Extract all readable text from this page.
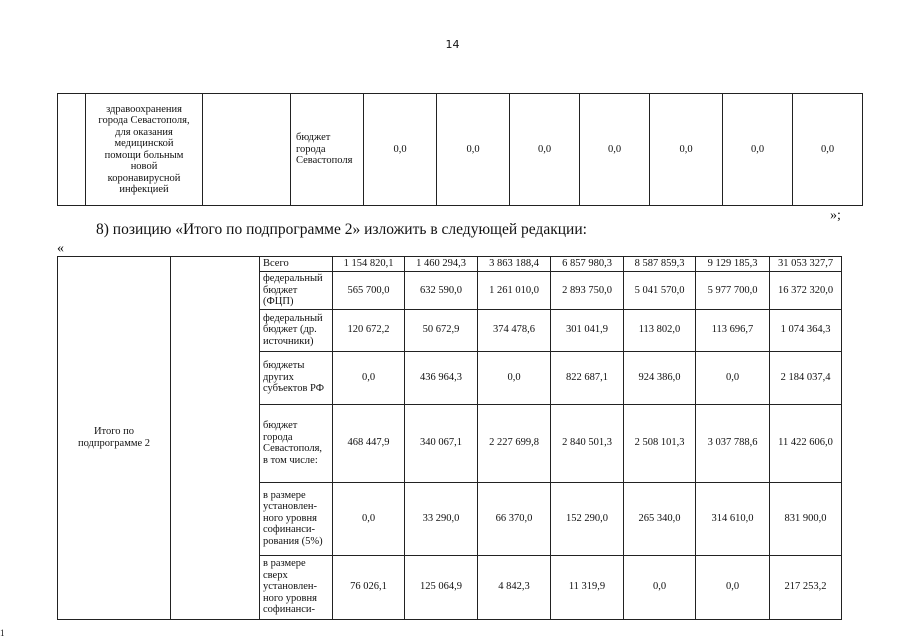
14
	здравоохранения
города Севастополя,
для оказания
медицинской
помощи больным
новой
коронавирусной
инфекцией		бюджет города Севастополя	0,0	0,0	0,0	0,0	0,0	0,0	0,0
»;
8) позицию «Итого по подпрограмме 2» изложить в следующей редакции:
«
Итого по подпрограмме 2		Всего	1 154 820,1	1 460 294,3	3 863 188,4	6 857 980,3	8 587 859,3	9 129 185,3	31 053 327,7
		федеральный бюджет (ФЦП)	565 700,0	632 590,0	1 261 010,0	2 893 750,0	5 041 570,0	5 977 700,0	16 372 320,0
		федеральный бюджет (др. источники)	120 672,2	50 672,9	374 478,6	301 041,9	113 802,0	113 696,7	1 074 364,3
		бюджеты других субъектов РФ	0,0	436 964,3	0,0	822 687,1	924 386,0	0,0	2 184 037,4
		бюджет города Севастополя, в том числе:	468 447,9	340 067,1	2 227 699,8	2 840 501,3	2 508 101,3	3 037 788,6	11 422 606,0
		в размере установлен-ного уровня софинанси-рования (5%)	0,0	33 290,0	66 370,0	152 290,0	265 340,0	314 610,0	831 900,0
		в размере сверх установлен-ного уровня софинанси-	76 026,1	125 064,9	4 842,3	11 319,9	0,0	0,0	217 253,2
1
